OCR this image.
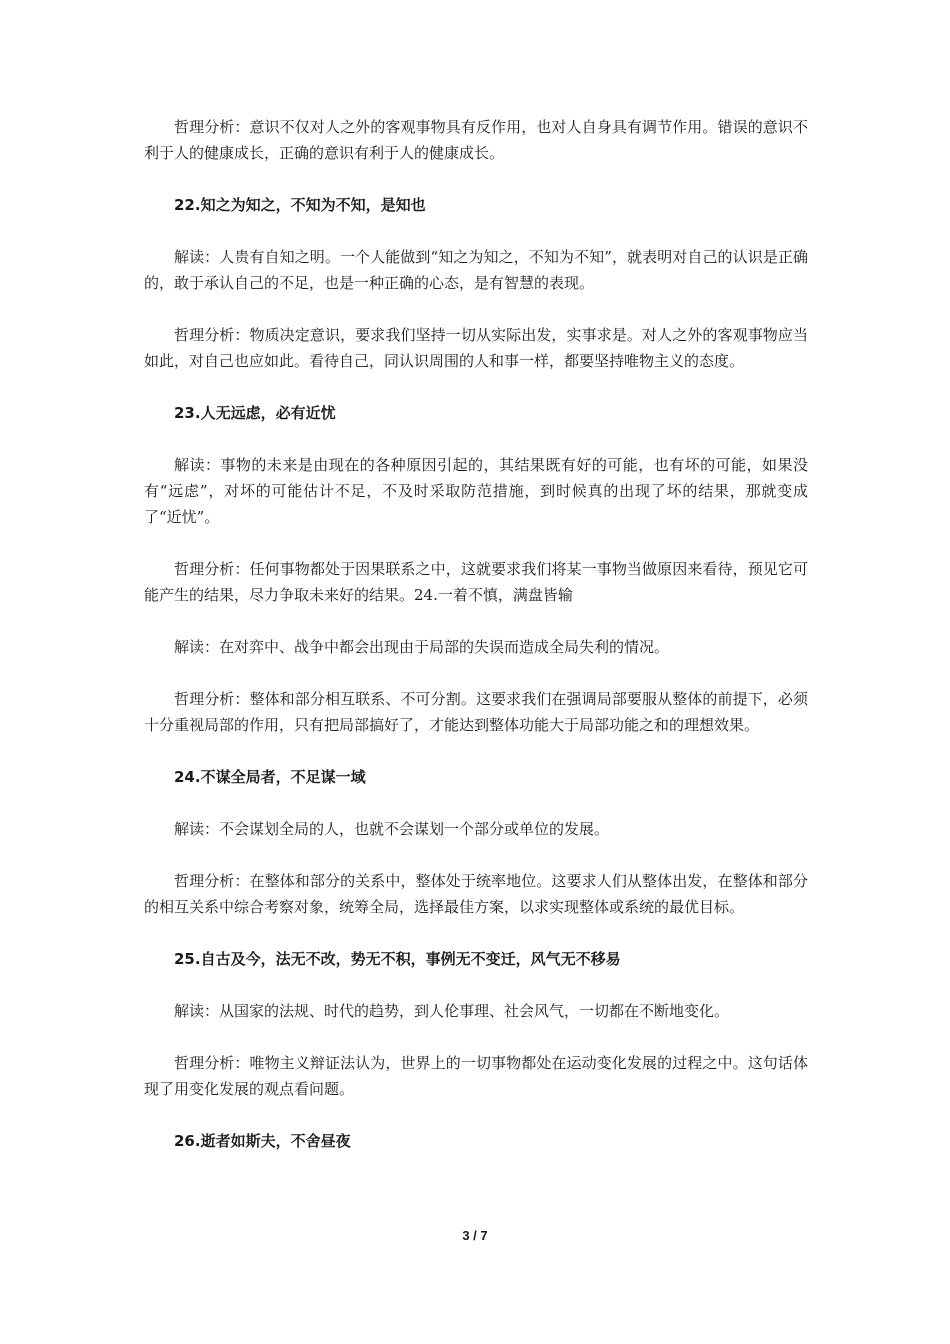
哲理分析：意识不仅对人之外的客观事物具有反作用，也对人自身具有调节作用。错误的意识不利于人的健康成长，正确的意识有利于人的健康成长。

22.知之为知之，不知为不知，是知也

解读：人贵有自知之明。一个人能做到“知之为知之，不知为不知”，就表明对自己的认识是正确的，敢于承认自己的不足，也是一种正确的心态，是有智慧的表现。

哲理分析：物质决定意识，要求我们坚持一切从实际出发，实事求是。对人之外的客观事物应当如此，对自己也应如此。看待自己，同认识周围的人和事一样，都要坚持唯物主义的态度。

23.人无远虑，必有近忧

解读：事物的未来是由现在的各种原因引起的，其结果既有好的可能，也有坏的可能，如果没有“远虑”，对坏的可能估计不足，不及时采取防范措施，到时候真的出现了坏的结果，那就变成了“近忧”。

哲理分析：任何事物都处于因果联系之中，这就要求我们将某一事物当做原因来看待，预见它可能产生的结果，尽力争取未来好的结果。24.一着不慎，满盘皆输

解读：在对弈中、战争中都会出现由于局部的失误而造成全局失利的情况。

哲理分析：整体和部分相互联系、不可分割。这要求我们在强调局部要服从整体的前提下，必须十分重视局部的作用，只有把局部搞好了，才能达到整体功能大于局部功能之和的理想效果。

24.不谋全局者，不足谋一域

解读：不会谋划全局的人，也就不会谋划一个部分或单位的发展。

哲理分析：在整体和部分的关系中，整体处于统率地位。这要求人们从整体出发，在整体和部分的相互关系中综合考察对象，统筹全局，选择最佳方案，以求实现整体或系统的最优目标。

25.自古及今，法无不改，势无不积，事例无不变迁，风气无不移易

解读：从国家的法规、时代的趋势，到人伦事理、社会风气，一切都在不断地变化。

哲理分析：唯物主义辩证法认为，世界上的一切事物都处在运动变化发展的过程之中。这句话体现了用变化发展的观点看问题。

26.逝者如斯夫，不舍昼夜

3 / 7
